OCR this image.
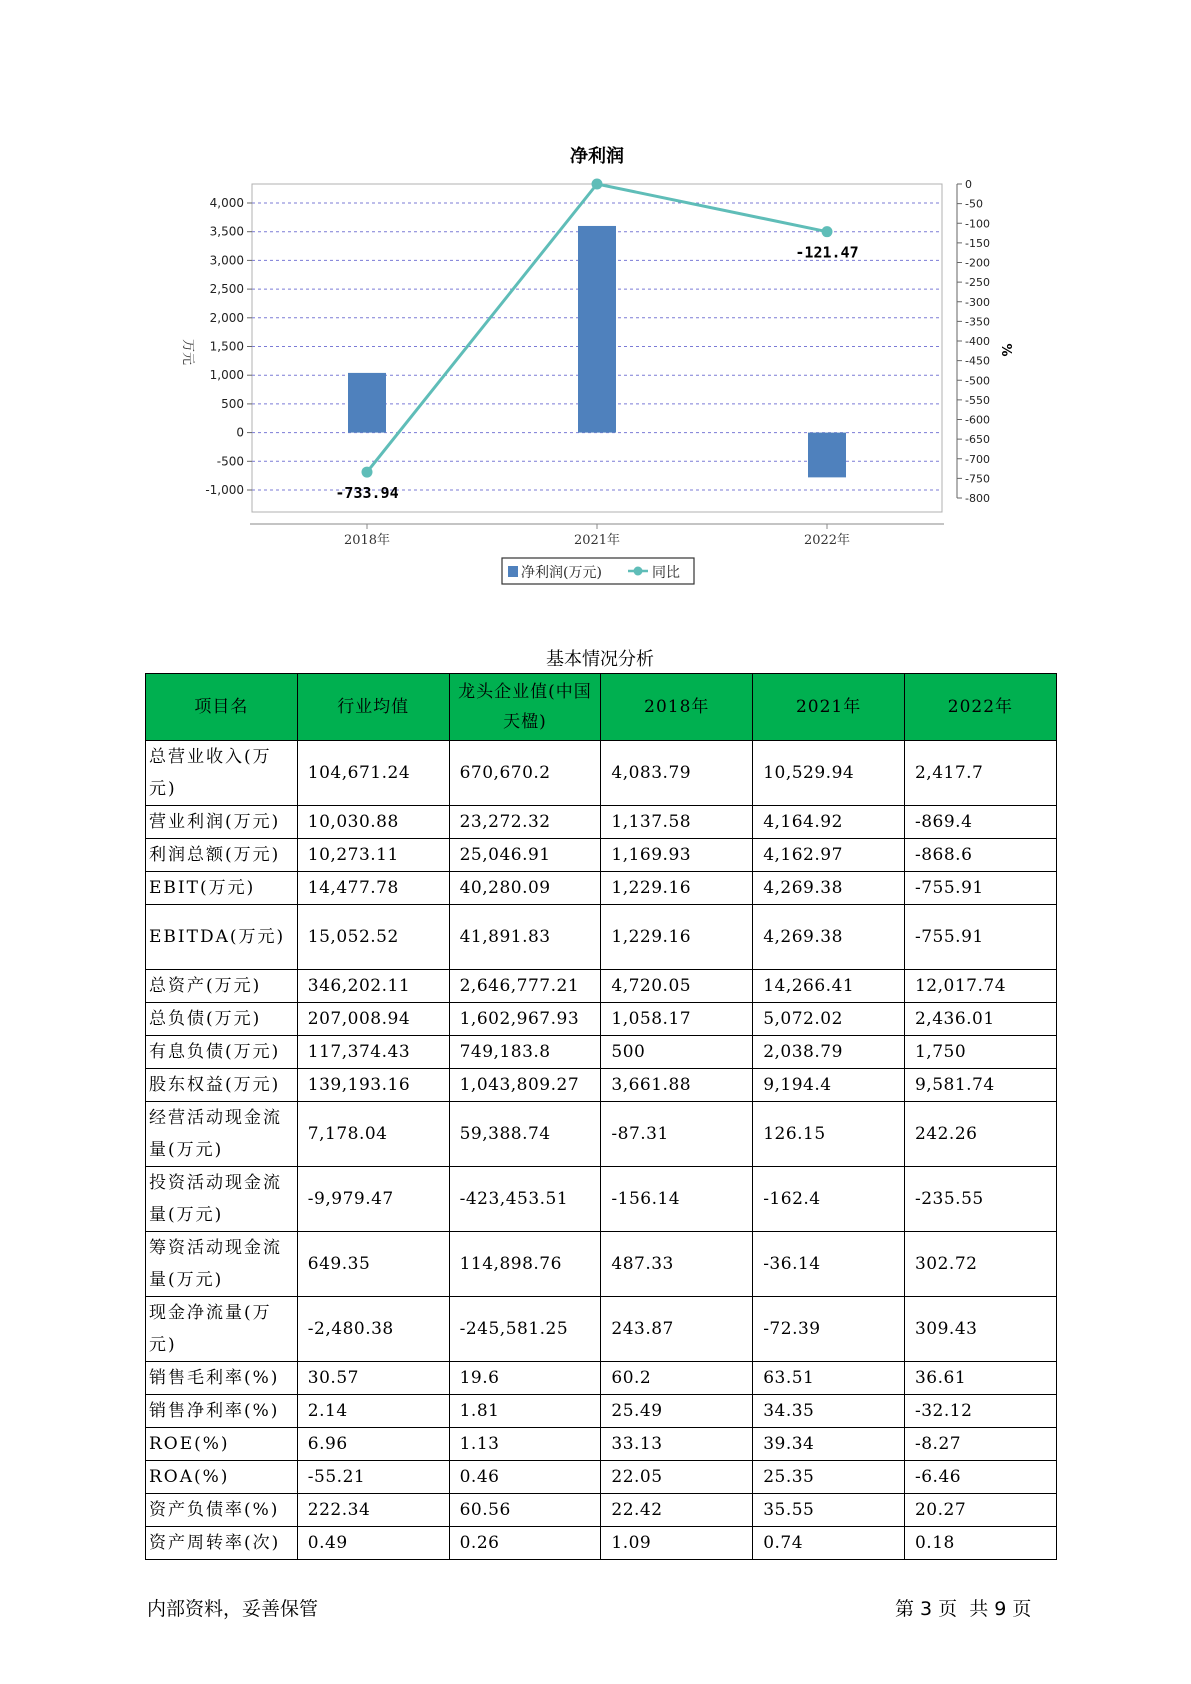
净利润
4,000
3,500
3,000
2,500
2,000
1,500
1,000
500
0
-500
-1,000
0
-50
-100
-150
-200
-250
-300
-350
-400
-450
-500
-550
-600
-650
-700
-750
-800
2018年	2021年	2022年
-733.94
-121.47
万元	%
净利润(万元)	同比
基本情况分析
项目名	行业均值	龙头企业值(中国天楹)	2018年	2021年	2022年
总营业收入(万元)	104,671.24	670,670.2	4,083.79	10,529.94	2,417.7
营业利润(万元)	10,030.88	23,272.32	1,137.58	4,164.92	-869.4
利润总额(万元)	10,273.11	25,046.91	1,169.93	4,162.97	-868.6
EBIT(万元)	14,477.78	40,280.09	1,229.16	4,269.38	-755.91
EBITDA(万元)	15,052.52	41,891.83	1,229.16	4,269.38	-755.91
总资产(万元)	346,202.11	2,646,777.21	4,720.05	14,266.41	12,017.74
总负债(万元)	207,008.94	1,602,967.93	1,058.17	5,072.02	2,436.01
有息负债(万元)	117,374.43	749,183.8	500	2,038.79	1,750
股东权益(万元)	139,193.16	1,043,809.27	3,661.88	9,194.4	9,581.74
经营活动现金流量(万元)	7,178.04	59,388.74	-87.31	126.15	242.26
投资活动现金流量(万元)	-9,979.47	-423,453.51	-156.14	-162.4	-235.55
筹资活动现金流量(万元)	649.35	114,898.76	487.33	-36.14	302.72
现金净流量(万元)	-2,480.38	-245,581.25	243.87	-72.39	309.43
销售毛利率(%)	30.57	19.6	60.2	63.51	36.61
销售净利率(%)	2.14	1.81	25.49	34.35	-32.12
ROE(%)	6.96	1.13	33.13	39.34	-8.27
ROA(%)	-55.21	0.46	22.05	25.35	-6.46
资产负债率(%)	222.34	60.56	22.42	35.55	20.27
资产周转率(次)	0.49	0.26	1.09	0.74	0.18
内部资料，妥善保管	第 3 页  共 9 页
